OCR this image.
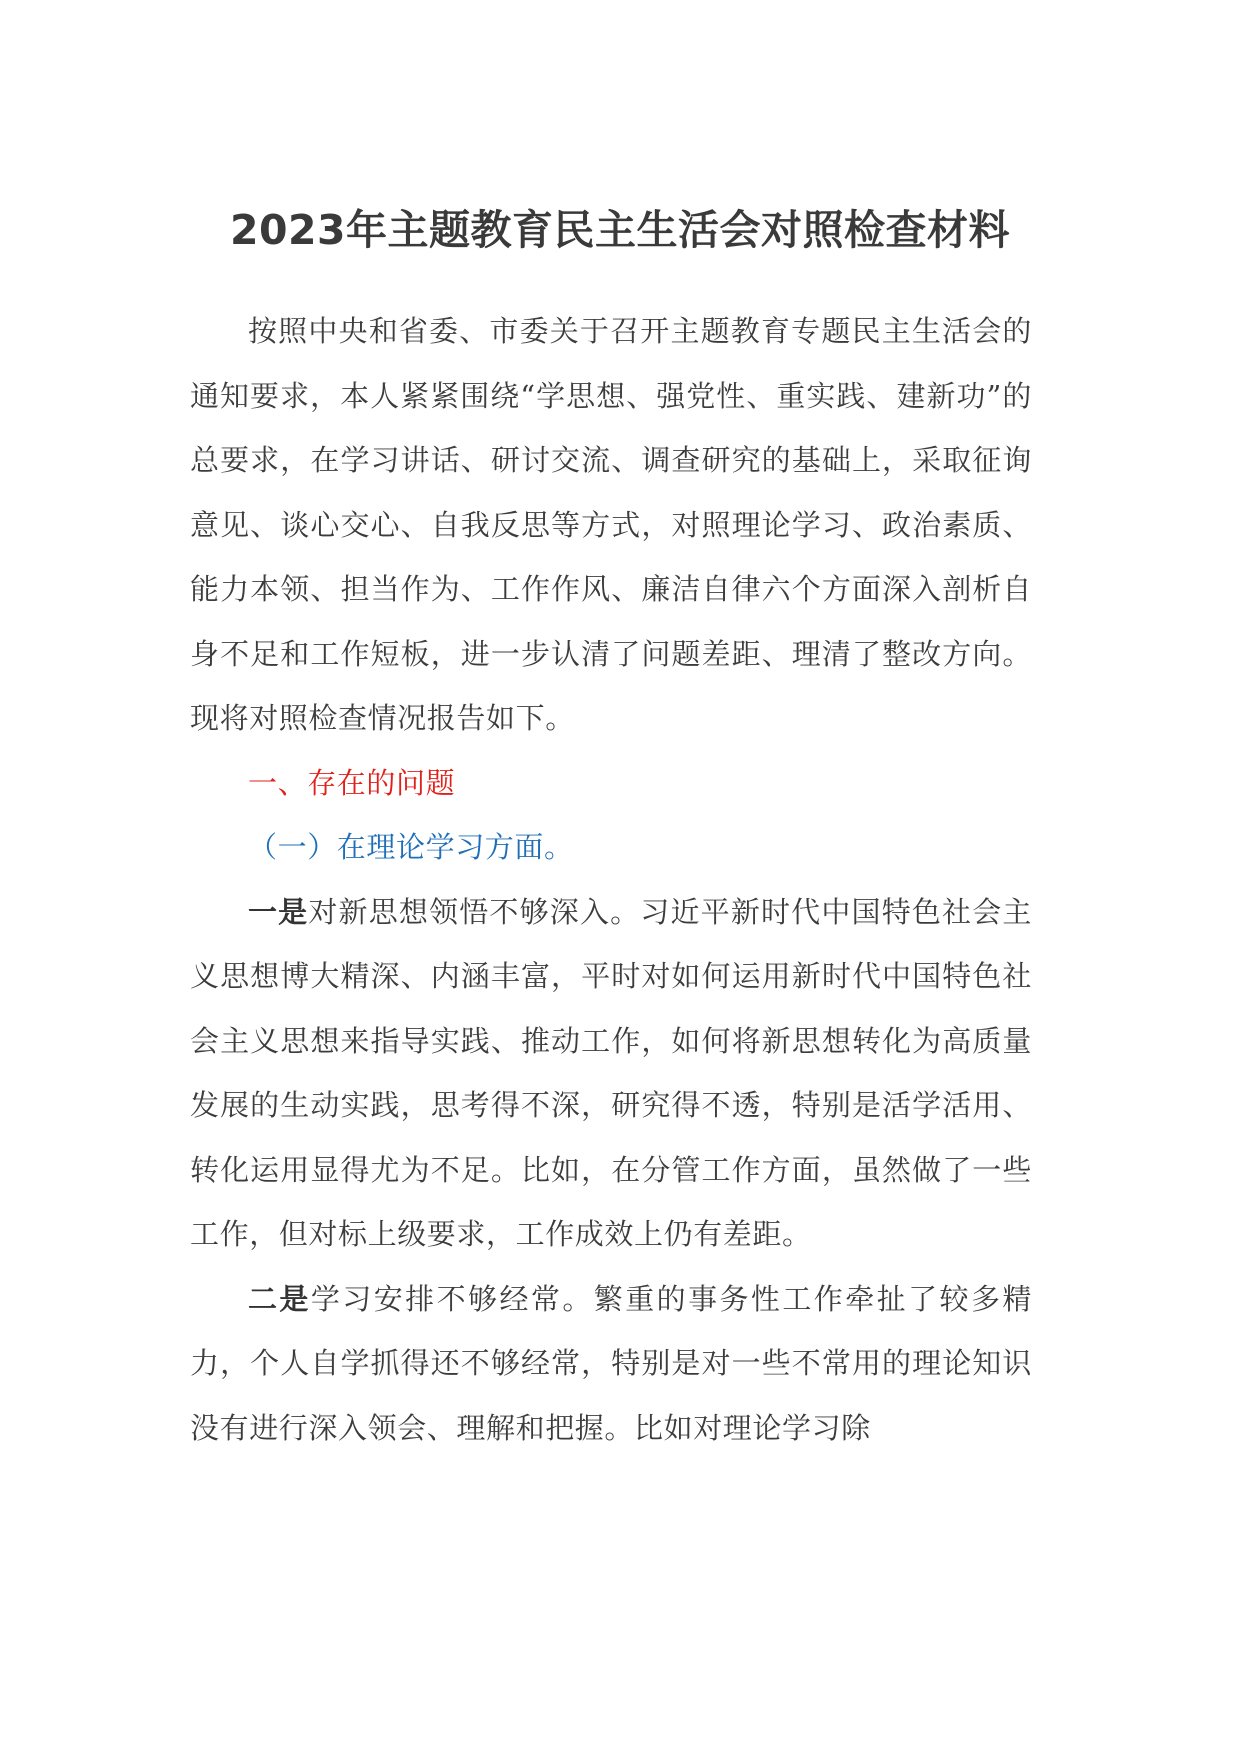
2023年主题教育民主生活会对照检查材料

按照中央和省委、市委关于召开主题教育专题民主生活会的通知要求，本人紧紧围绕“学思想、强党性、重实践、建新功”的总要求，在学习讲话、研讨交流、调查研究的基础上，采取征询意见、谈心交心、自我反思等方式，对照理论学习、政治素质、能力本领、担当作为、工作作风、廉洁自律六个方面深入剖析自身不足和工作短板，进一步认清了问题差距、理清了整改方向。现将对照检查情况报告如下。

一、存在的问题

（一）在理论学习方面。

一是对新思想领悟不够深入。习近平新时代中国特色社会主义思想博大精深、内涵丰富，平时对如何运用新时代中国特色社会主义思想来指导实践、推动工作，如何将新思想转化为高质量发展的生动实践，思考得不深，研究得不透，特别是活学活用、转化运用显得尤为不足。比如，在分管工作方面，虽然做了一些工作，但对标上级要求，工作成效上仍有差距。

二是学习安排不够经常。繁重的事务性工作牵扯了较多精力，个人自学抓得还不够经常，特别是对一些不常用的理论知识没有进行深入领会、理解和把握。比如对理论学习除
